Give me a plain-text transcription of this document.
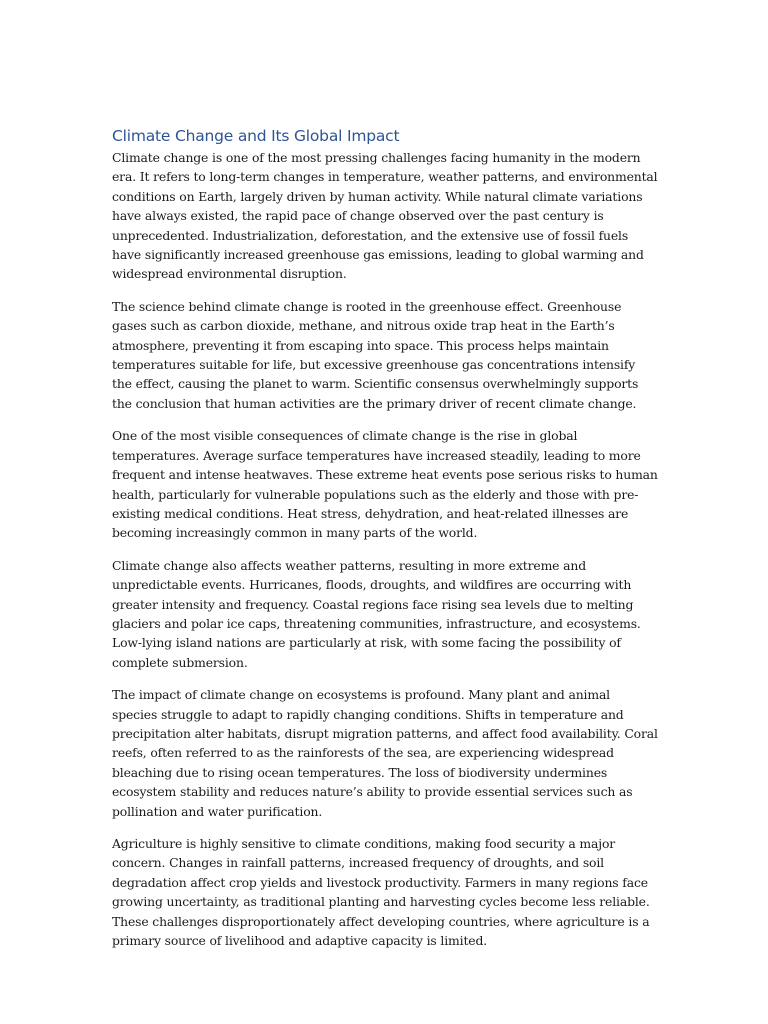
Climate Change and Its Global Impact

Climate change is one of the most pressing challenges facing humanity in the modern era. It refers to long-term changes in temperature, weather patterns, and environmental conditions on Earth, largely driven by human activity. While natural climate variations have always existed, the rapid pace of change observed over the past century is unprecedented. Industrialization, deforestation, and the extensive use of fossil fuels have significantly increased greenhouse gas emissions, leading to global warming and widespread environmental disruption.

The science behind climate change is rooted in the greenhouse effect. Greenhouse gases such as carbon dioxide, methane, and nitrous oxide trap heat in the Earth’s atmosphere, preventing it from escaping into space. This process helps maintain temperatures suitable for life, but excessive greenhouse gas concentrations intensify the effect, causing the planet to warm. Scientific consensus overwhelmingly supports the conclusion that human activities are the primary driver of recent climate change.

One of the most visible consequences of climate change is the rise in global temperatures. Average surface temperatures have increased steadily, leading to more frequent and intense heatwaves. These extreme heat events pose serious risks to human health, particularly for vulnerable populations such as the elderly and those with pre-existing medical conditions. Heat stress, dehydration, and heat-related illnesses are becoming increasingly common in many parts of the world.

Climate change also affects weather patterns, resulting in more extreme and unpredictable events. Hurricanes, floods, droughts, and wildfires are occurring with greater intensity and frequency. Coastal regions face rising sea levels due to melting glaciers and polar ice caps, threatening communities, infrastructure, and ecosystems. Low-lying island nations are particularly at risk, with some facing the possibility of complete submersion.

The impact of climate change on ecosystems is profound. Many plant and animal species struggle to adapt to rapidly changing conditions. Shifts in temperature and precipitation alter habitats, disrupt migration patterns, and affect food availability. Coral reefs, often referred to as the rainforests of the sea, are experiencing widespread bleaching due to rising ocean temperatures. The loss of biodiversity undermines ecosystem stability and reduces nature’s ability to provide essential services such as pollination and water purification.

Agriculture is highly sensitive to climate conditions, making food security a major concern. Changes in rainfall patterns, increased frequency of droughts, and soil degradation affect crop yields and livestock productivity. Farmers in many regions face growing uncertainty, as traditional planting and harvesting cycles become less reliable. These challenges disproportionately affect developing countries, where agriculture is a primary source of livelihood and adaptive capacity is limited.
